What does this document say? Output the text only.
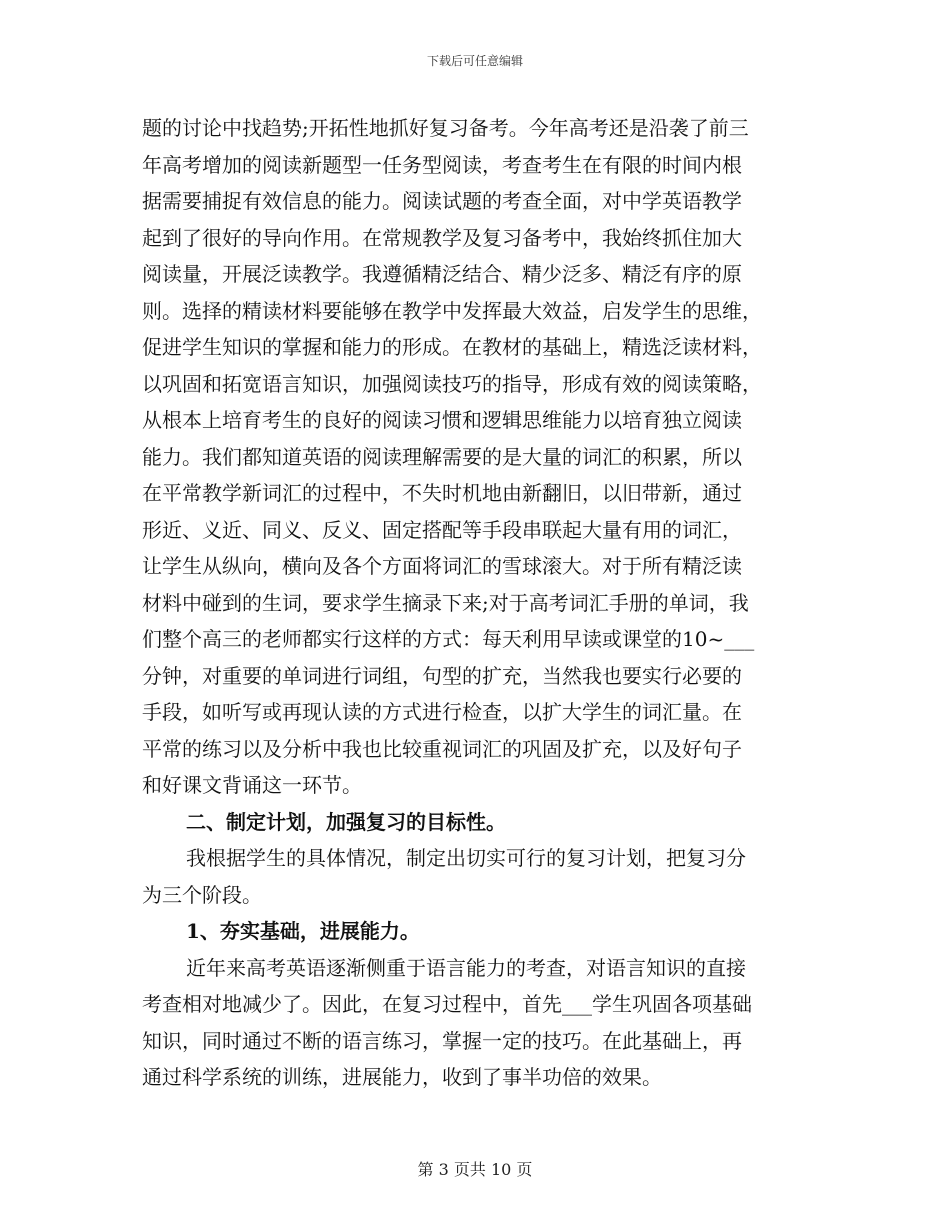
下载后可任意编辑
题的讨论中找趋势;开拓性地抓好复习备考。今年高考还是沿袭了前三
年高考增加的阅读新题型一任务型阅读，考查考生在有限的时间内根
据需要捕捉有效信息的能力。阅读试题的考查全面，对中学英语教学
起到了很好的导向作用。在常规教学及复习备考中，我始终抓住加大
阅读量，开展泛读教学。我遵循精泛结合、精少泛多、精泛有序的原
则。选择的精读材料要能够在教学中发挥最大效益，启发学生的思维，
促进学生知识的掌握和能力的形成。在教材的基础上，精选泛读材料，
以巩固和拓宽语言知识，加强阅读技巧的指导，形成有效的阅读策略，
从根本上培育考生的良好的阅读习惯和逻辑思维能力以培育独立阅读
能力。我们都知道英语的阅读理解需要的是大量的词汇的积累，所以
在平常教学新词汇的过程中，不失时机地由新翻旧，以旧带新，通过
形近、义近、同义、反义、固定搭配等手段串联起大量有用的词汇，
让学生从纵向，横向及各个方面将词汇的雪球滚大。对于所有精泛读
材料中碰到的生词，要求学生摘录下来;对于高考词汇手册的单词，我
们整个高三的老师都实行这样的方式：每天利用早读或课堂的10~___
分钟，对重要的单词进行词组，句型的扩充，当然我也要实行必要的
手段，如听写或再现认读的方式进行检查，以扩大学生的词汇量。在
平常的练习以及分析中我也比较重视词汇的巩固及扩充，以及好句子
和好课文背诵这一环节。
二、制定计划，加强复习的目标性。
我根据学生的具体情况，制定出切实可行的复习计划，把复习分
为三个阶段。
1、夯实基础，进展能力。
近年来高考英语逐渐侧重于语言能力的考查，对语言知识的直接
考查相对地减少了。因此，在复习过程中，首先___学生巩固各项基础
知识，同时通过不断的语言练习，掌握一定的技巧。在此基础上，再
通过科学系统的训练，进展能力，收到了事半功倍的效果。
第 3 页共 10 页
